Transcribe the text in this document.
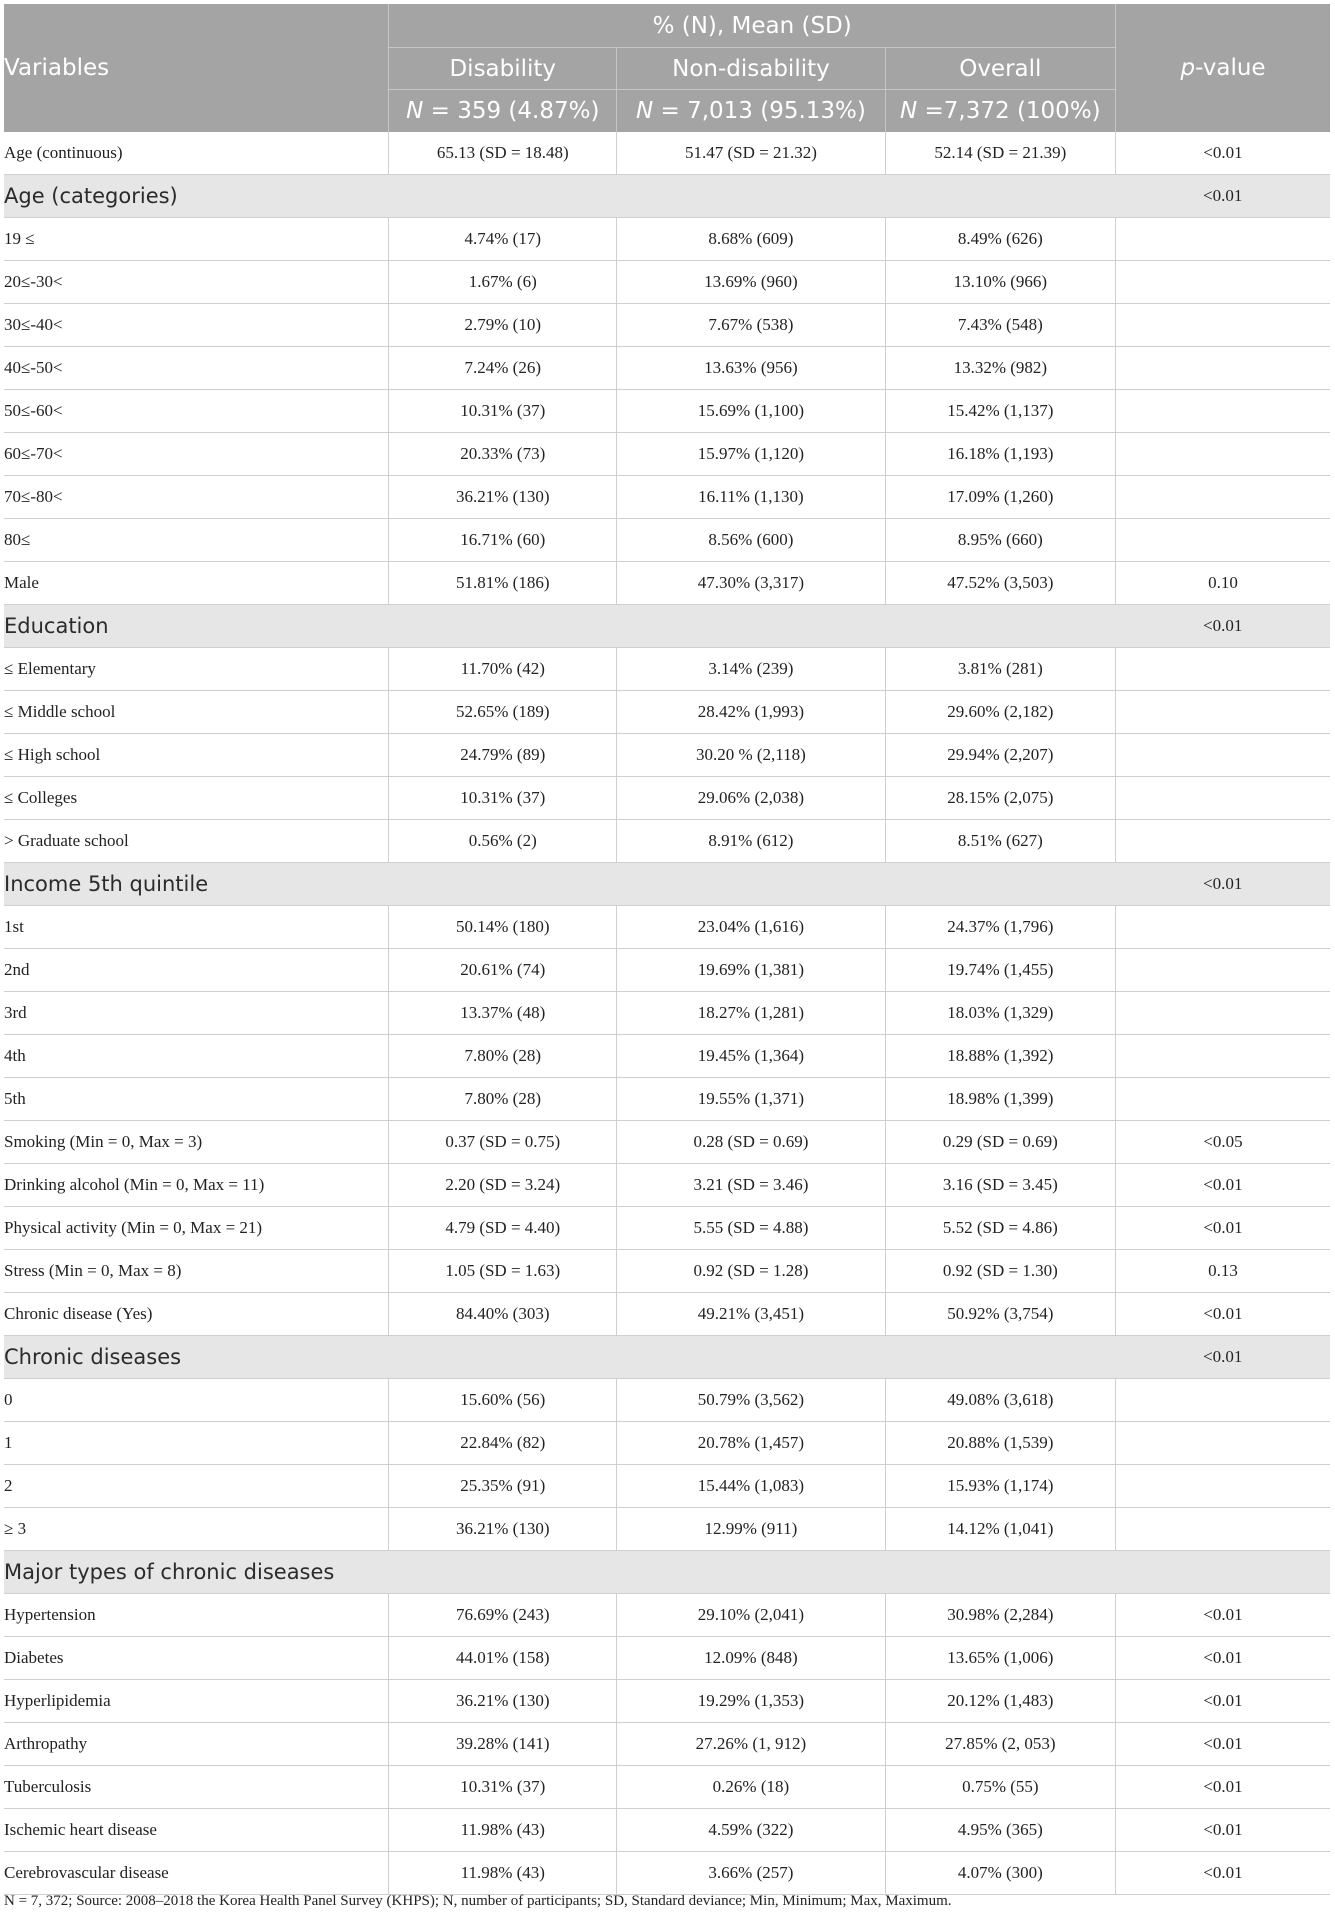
Variables	% (N), Mean (SD)			p-value
	Disability	Non-disability	Overall	
	N = 359 (4.87%)	N = 7,013 (95.13%)	N =7,372 (100%)	
Age (continuous)	65.13 (SD = 18.48)	51.47 (SD = 21.32)	52.14 (SD = 21.39)	<0.01
Age (categories)				<0.01
19 ≤	4.74% (17)	8.68% (609)	8.49% (626)	
20≤-30<	1.67% (6)	13.69% (960)	13.10% (966)	
30≤-40<	2.79% (10)	7.67% (538)	7.43% (548)	
40≤-50<	7.24% (26)	13.63% (956)	13.32% (982)	
50≤-60<	10.31% (37)	15.69% (1,100)	15.42% (1,137)	
60≤-70<	20.33% (73)	15.97% (1,120)	16.18% (1,193)	
70≤-80<	36.21% (130)	16.11% (1,130)	17.09% (1,260)	
80≤	16.71% (60)	8.56% (600)	8.95% (660)	
Male	51.81% (186)	47.30% (3,317)	47.52% (3,503)	0.10
Education				<0.01
≤ Elementary	11.70% (42)	3.14% (239)	3.81% (281)	
≤ Middle school	52.65% (189)	28.42% (1,993)	29.60% (2,182)	
≤ High school	24.79% (89)	30.20 % (2,118)	29.94% (2,207)	
≤ Colleges	10.31% (37)	29.06% (2,038)	28.15% (2,075)	
> Graduate school	0.56% (2)	8.91% (612)	8.51% (627)	
Income 5th quintile				<0.01
1st	50.14% (180)	23.04% (1,616)	24.37% (1,796)	
2nd	20.61% (74)	19.69% (1,381)	19.74% (1,455)	
3rd	13.37% (48)	18.27% (1,281)	18.03% (1,329)	
4th	7.80% (28)	19.45% (1,364)	18.88% (1,392)	
5th	7.80% (28)	19.55% (1,371)	18.98% (1,399)	
Smoking (Min = 0, Max = 3)	0.37 (SD = 0.75)	0.28 (SD = 0.69)	0.29 (SD = 0.69)	<0.05
Drinking alcohol (Min = 0, Max = 11)	2.20 (SD = 3.24)	3.21 (SD = 3.46)	3.16 (SD = 3.45)	<0.01
Physical activity (Min = 0, Max = 21)	4.79 (SD = 4.40)	5.55 (SD = 4.88)	5.52 (SD = 4.86)	<0.01
Stress (Min = 0, Max = 8)	1.05 (SD = 1.63)	0.92 (SD = 1.28)	0.92 (SD = 1.30)	0.13
Chronic disease (Yes)	84.40% (303)	49.21% (3,451)	50.92% (3,754)	<0.01
Chronic diseases				<0.01
0	15.60% (56)	50.79% (3,562)	49.08% (3,618)	
1	22.84% (82)	20.78% (1,457)	20.88% (1,539)	
2	25.35% (91)	15.44% (1,083)	15.93% (1,174)	
≥ 3	36.21% (130)	12.99% (911)	14.12% (1,041)	
Major types of chronic diseases				
Hypertension	76.69% (243)	29.10% (2,041)	30.98% (2,284)	<0.01
Diabetes	44.01% (158)	12.09% (848)	13.65% (1,006)	<0.01
Hyperlipidemia	36.21% (130)	19.29% (1,353)	20.12% (1,483)	<0.01
Arthropathy	39.28% (141)	27.26% (1, 912)	27.85% (2, 053)	<0.01
Tuberculosis	10.31% (37)	0.26% (18)	0.75% (55)	<0.01
Ischemic heart disease	11.98% (43)	4.59% (322)	4.95% (365)	<0.01
Cerebrovascular disease	11.98% (43)	3.66% (257)	4.07% (300)	<0.01
N = 7, 372; Source: 2008–2018 the Korea Health Panel Survey (KHPS); N, number of participants; SD, Standard deviance; Min, Minimum; Max, Maximum.
